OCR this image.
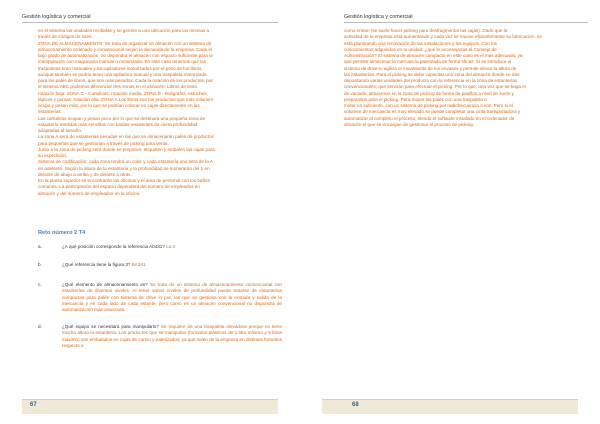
Gestión logística y comercial
en el sistema las unidades recibidas y se genere a una ubicación para las mismas a
través de códigos de lotes.
ZONA DE ALMACENAMIENTO: Se trata de organizar un almacén con un sistema de
almacenamiento ordenado y convencional según la demanda de la empresa. Cada el
bajo grado de automatización, no dispondrá el almacén con espacio suficiente para la
manipulación con maquinaria manual o motorizada. En este caso tenemos que las
traspaletas eran manuales y los apiladores motorizados por el peso de los libros,
aunque también se podría tener una apiladora manual y una traspaleta motorizada
para los palés de libros, que son más pesados. Cada la rotación de los productos, por
el sistema ABC podemos diferenciar tres zonas en el almacén: Libros de texto
rotación baja: ZONA C - Cartulinas: rotación media. ZONA B - Bolígrafos, estuches,
lápices y gomas: rotación alta. ZONA A Los libros son los productos que más volumen
ocupa y pesan más, por lo que se podrían colocar en cajas directamente en las
estanterías.
Las cartulinas ocupan y pesan poco por lo que se destinará una pequeña zona de
estantería medidas más sencillas con baldas resistentes de cierta profundidad
adaptadas al tamaño.
La zona A será de estanterías pesadas en las que se almacenarán palés de productos
para pequeñas que se gestionan a través de picking para venta.
Junto a la zona de picking será donde se preparen, etiqueten y embalen las cajas para
su expedición.
Sistema de codificación: cada zona tendrá un color y cada estantería una letra de la A
en adelante. Según la altura de la estantería y la profundidad se numerarán del 1 en
delante de abajo a arriba y de delante a atrás.
En la planta superior se encontrarán las oficinas y el área de personal con los baños
comunes. La participación del espacio dependerá del número de empleados en
almacén y del número de empleados en la oficina.
Reto número 2 T4
a.	¿A qué posición corresponde la referencia A0431? La 2
b.	¿Qué referencia tiene la figura 3? BA341
c.	¿Qué elemento de almacenamiento es? Se trata de un sistema de almacenamiento convencional con estanterías de diversos niveles. Al tener varios niveles de profundidad puede tratarse de estanterías compactas para palés con sistema de drive in por, las que se gestiona con la entrada y salida de la mercancía y en cada lado de cada estante, pero como es un almacén convencional no dispondrá de automatización más avanzada.
d.	¿Qué equipo se necesitará para manipularlo? Se requiere de una traspaleta elevadora porque no tiene mucha altura la estantería. Los productos que se manipulan (formatos plásticos de 1 litro mínimo y 5 litros máximo) son embalados en cajas de cartón y paletizados, ya que salen de la empresa en distintos formatos respecto a
67
Gestión logística y comercial
como entran (se suele hacer picking para desfragmentar las cajas). Dado que la
actividad de la empresa está aumentando y cada vez se mueve eficientemente su fabricación, se
está planteando una renovación de las instalaciones y los equipos. Con los
conocimientos adquiridos en la unidad, ¿qué le aconsejarías al Consejo de
Administración? El sistema de almacén compacto en este caso es el más adecuado, ya
que permite almacenar la mercancía paletizada de forma eficaz. Si se introduce el
sistema de drive-in agiliza el movimiento de los envases y permite elevar la altura de
las estanterías. Para el picking se debe capacitar una zona del almacén donde se irán
depositando varias unidades del producto con la referencia en la zona de estanterías
convencionales, que servirán para efectuar el picking. Por lo que, una vez que se haga el
de vaciado, almacenar en la zona de picking de forma de pasillos a nivel de suelo y
prepararlos para el picking. Para mover los palés con una traspaleta o
motor en suficiente, con un sistema de picking por radiofrecuencia o voz. Pero si el
volumen de mercancía es muy elevado se puede completar una cinta transportadora y
automatizar al completo el proceso, siendo el software instalado en el ordenador de
almacén el que se encargue de gestionar el proceso de picking.
68
